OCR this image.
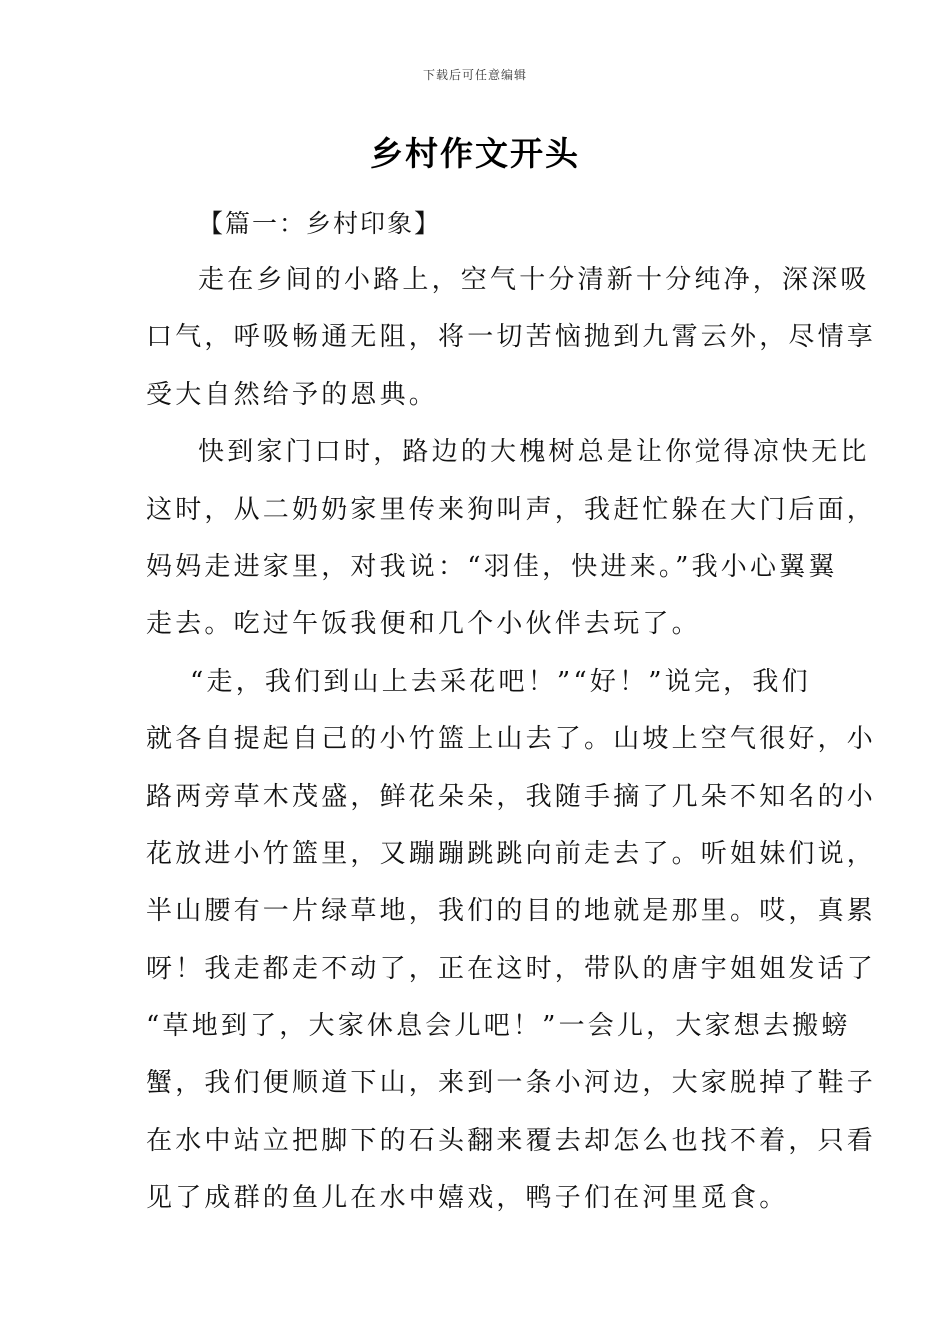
下载后可任意编辑
乡村作文开头
【篇一：乡村印象】
走在乡间的小路上，空气十分清新十分纯净，深深吸
口气，呼吸畅通无阻，将一切苦恼抛到九霄云外，尽情享
受大自然给予的恩典。
快到家门口时，路边的大槐树总是让你觉得凉快无比
这时，从二奶奶家里传来狗叫声，我赶忙躲在大门后面，
妈妈走进家里，对我说：“羽佳，快进来。”我小心翼翼
走去。吃过午饭我便和几个小伙伴去玩了。
“走，我们到山上去采花吧！”“好！”说完，我们
就各自提起自己的小竹篮上山去了。山坡上空气很好，小
路两旁草木茂盛，鲜花朵朵，我随手摘了几朵不知名的小
花放进小竹篮里，又蹦蹦跳跳向前走去了。听姐妹们说，
半山腰有一片绿草地，我们的目的地就是那里。哎，真累
呀！我走都走不动了，正在这时，带队的唐宇姐姐发话了
“草地到了，大家休息会儿吧！”一会儿，大家想去搬螃
蟹，我们便顺道下山，来到一条小河边，大家脱掉了鞋子
在水中站立把脚下的石头翻来覆去却怎么也找不着，只看
见了成群的鱼儿在水中嬉戏，鸭子们在河里觅食。
